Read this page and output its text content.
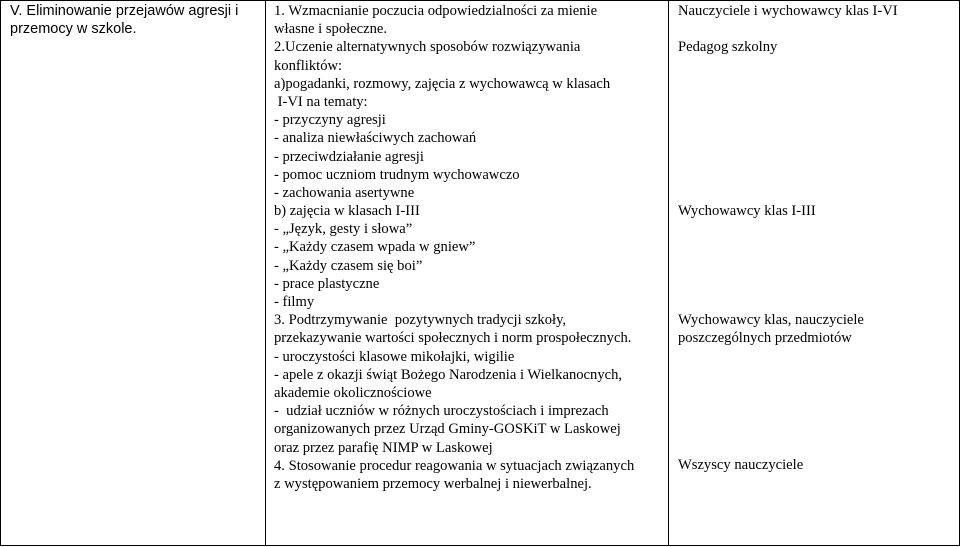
V. Eliminowanie przejawów agresji i
przemocy w szkole.
1. Wzmacnianie poczucia odpowiedzialności za mienie
własne i społeczne.
2.Uczenie alternatywnych sposobów rozwiązywania
konfliktów:
a)pogadanki, rozmowy, zajęcia z wychowawcą w klasach
I-VI na tematy:
- przyczyny agresji
- analiza niewłaściwych zachowań
- przeciwdziałanie agresji
- pomoc uczniom trudnym wychowawczo
- zachowania asertywne
b) zajęcia w klasach I-III
- „Język, gesty i słowa”
- „Każdy czasem wpada w gniew”
- „Każdy czasem się boi”
- prace plastyczne
- filmy
3. Podtrzymywanie  pozytywnych tradycji szkoły,
przekazywanie wartości społecznych i norm prospołecznych.
- uroczystości klasowe mikołajki, wigilie
- apele z okazji świąt Bożego Narodzenia i Wielkanocnych,
akademie okolicznościowe
-  udział uczniów w różnych uroczystościach i imprezach
organizowanych przez Urząd Gminy-GOSKiT w Laskowej
oraz przez parafię NIMP w Laskowej
4. Stosowanie procedur reagowania w sytuacjach związanych
z występowaniem przemocy werbalnej i niewerbalnej.
Nauczyciele i wychowawcy klas I-VI
Pedagog szkolny
Wychowawcy klas I-III
Wychowawcy klas, nauczyciele
poszczególnych przedmiotów
Wszyscy nauczyciele
